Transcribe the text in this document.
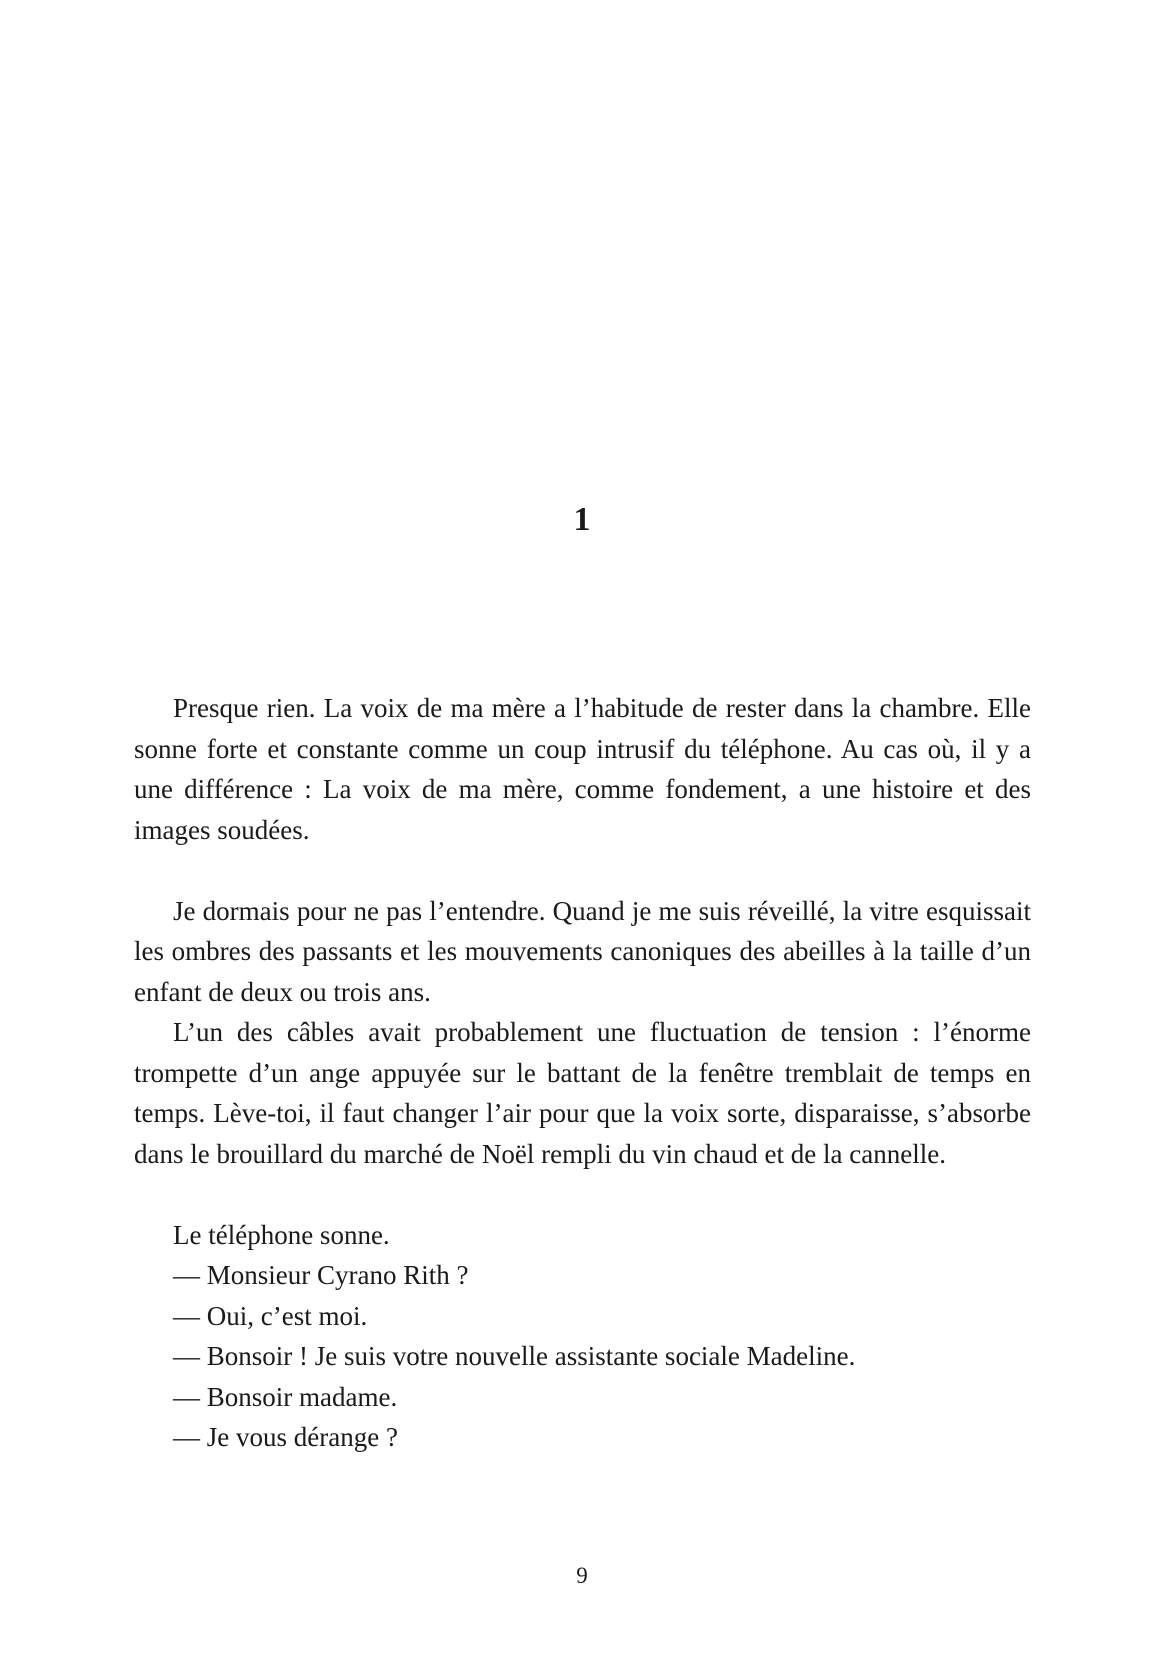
1

Presque rien. La voix de ma mère a l’habitude de rester dans la chambre. Elle sonne forte et constante comme un coup intrusif du téléphone. Au cas où, il y a une différence : La voix de ma mère, comme fondement, a une histoire et des images soudées.

Je dormais pour ne pas l’entendre. Quand je me suis réveillé, la vitre esquissait les ombres des passants et les mouvements canoniques des abeilles à la taille d’un enfant de deux ou trois ans.

L’un des câbles avait probablement une fluctuation de tension : l’énorme trompette d’un ange appuyée sur le battant de la fenêtre tremblait de temps en temps. Lève-toi, il faut changer l’air pour que la voix sorte, disparaisse, s’absorbe dans le brouillard du marché de Noël rempli du vin chaud et de la cannelle.

Le téléphone sonne.

— Monsieur Cyrano Rith ?

— Oui, c’est moi.

— Bonsoir ! Je suis votre nouvelle assistante sociale Madeline.

— Bonsoir madame.

— Je vous dérange ?

9
